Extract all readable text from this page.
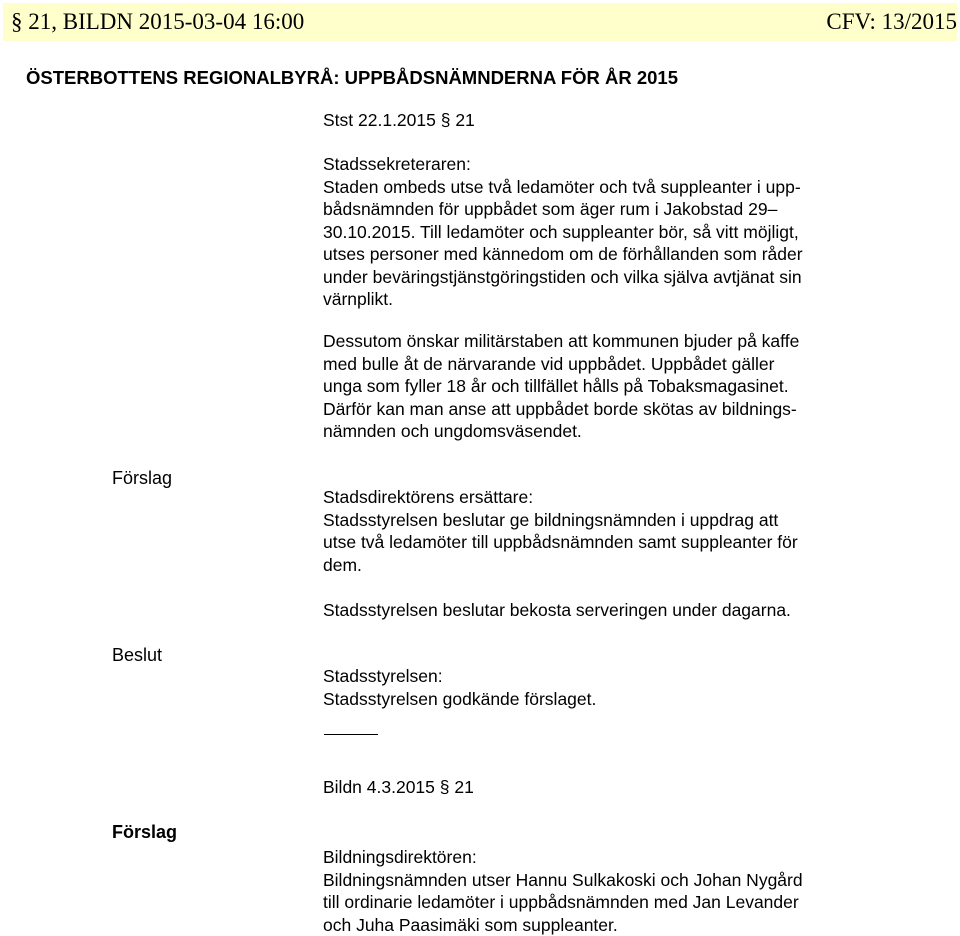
§ 21, BILDN 2015-03-04 16:00	CFV: 13/2015
ÖSTERBOTTENS REGIONALBYRÅ: UPPBÅDSNÄMNDERNA FÖR ÅR 2015
Stst 22.1.2015 § 21
Stadssekreteraren:
Staden ombeds utse två ledamöter och två suppleanter i upp-
bådsnämnden för uppbådet som äger rum i Jakobstad 29–
30.10.2015. Till ledamöter och suppleanter bör, så vitt möjligt,
utses personer med kännedom om de förhållanden som råder
under beväringstjänstgöringstiden och vilka själva avtjänat sin
värnplikt.
Dessutom önskar militärstaben att kommunen bjuder på kaffe
med bulle åt de närvarande vid uppbådet. Uppbådet gäller
unga som fyller 18 år och tillfället hålls på Tobaksmagasinet.
Därför kan man anse att uppbådet borde skötas av bildnings-
nämnden och ungdomsväsendet.
Förslag
Stadsdirektörens ersättare:
Stadsstyrelsen beslutar ge bildningsnämnden i uppdrag att
utse två ledamöter till uppbådsnämnden samt suppleanter för
dem.
Stadsstyrelsen beslutar bekosta serveringen under dagarna.
Beslut
Stadsstyrelsen:
Stadsstyrelsen godkände förslaget.
Bildn 4.3.2015 § 21
Förslag
Bildningsdirektören:
Bildningsnämnden utser Hannu Sulkakoski och Johan Nygård
till ordinarie ledamöter i uppbådsnämnden med Jan Levander
och Juha Paasimäki som suppleanter.
